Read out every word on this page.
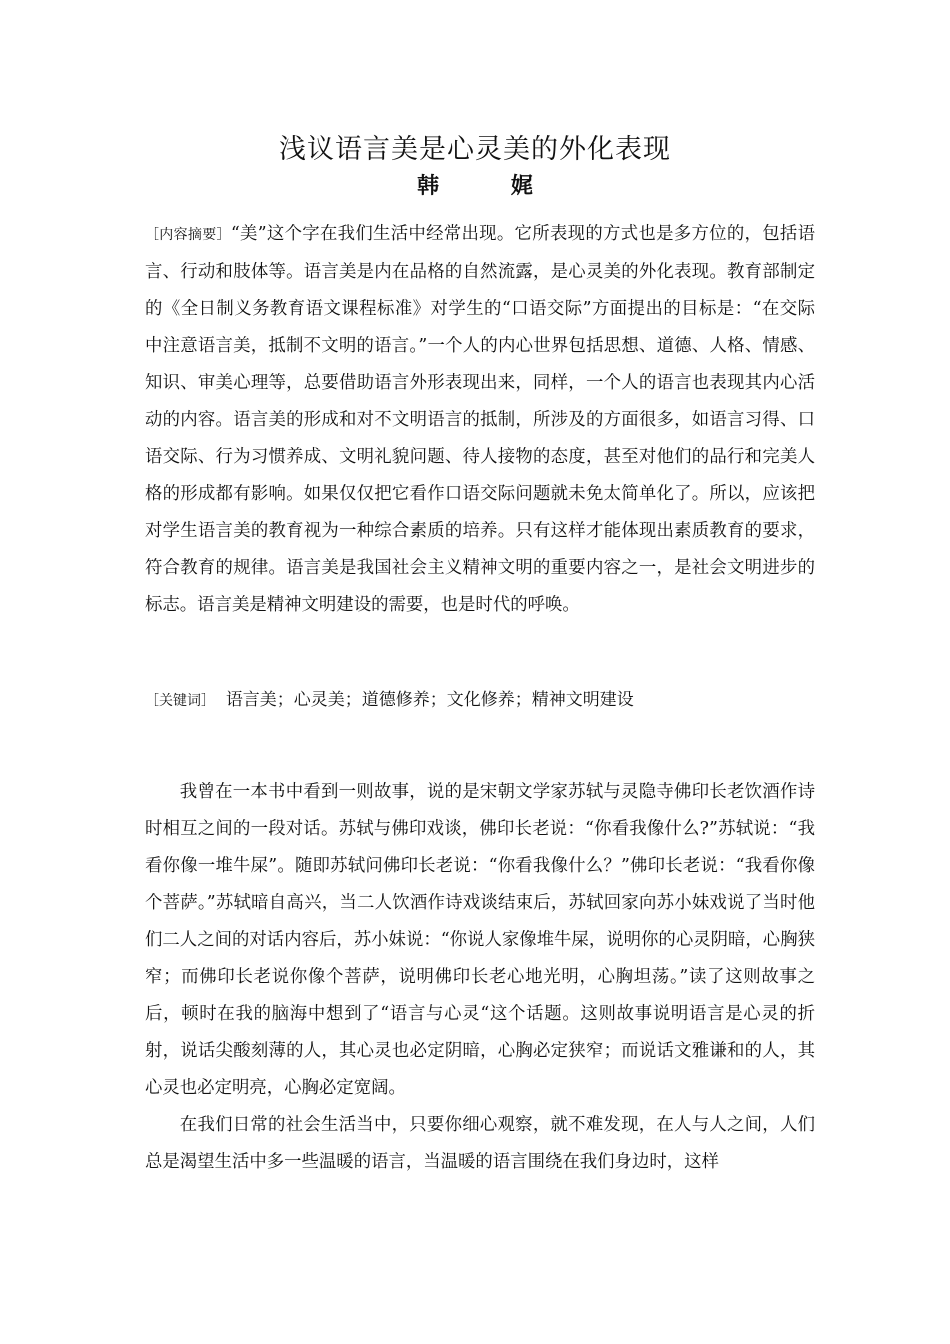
浅议语言美是心灵美的外化表现
韩 娓
［内容摘要］“美”这个字在我们生活中经常出现。它所表现的方式也是多方位的，包括语言、行动和肢体等。语言美是内在品格的自然流露，是心灵美的外化表现。教育部制定的《全日制义务教育语文课程标准》对学生的“口语交际”方面提出的目标是：“在交际中注意语言美，抵制不文明的语言。”一个人的内心世界包括思想、道德、人格、情感、知识、审美心理等，总要借助语言外形表现出来，同样，一个人的语言也表现其内心活动的内容。语言美的形成和对不文明语言的抵制，所涉及的方面很多，如语言习得、口语交际、行为习惯养成、文明礼貌问题、待人接物的态度，甚至对他们的品行和完美人格的形成都有影响。如果仅仅把它看作口语交际问题就未免太简单化了。所以，应该把对学生语言美的教育视为一种综合素质的培养。只有这样才能体现出素质教育的要求，符合教育的规律。语言美是我国社会主义精神文明的重要内容之一，是社会文明进步的标志。语言美是精神文明建设的需要，也是时代的呼唤。
［关键词］ 语言美；心灵美；道德修养；文化修养；精神文明建设

我曾在一本书中看到一则故事，说的是宋朝文学家苏轼与灵隐寺佛印长老饮酒作诗时相互之间的一段对话。苏轼与佛印戏谈，佛印长老说：“你看我像什么?”苏轼说：“我看你像一堆牛屎”。随即苏轼问佛印长老说：“你看我像什么？”佛印长老说：“我看你像个菩萨。”苏轼暗自高兴，当二人饮酒作诗戏谈结束后，苏轼回家向苏小妹戏说了当时他们二人之间的对话内容后，苏小妹说：“你说人家像堆牛屎，说明你的心灵阴暗，心胸狭窄；而佛印长老说你像个菩萨，说明佛印长老心地光明，心胸坦荡。”读了这则故事之后，顿时在我的脑海中想到了“语言与心灵“这个话题。这则故事说明语言是心灵的折射，说话尖酸刻薄的人，其心灵也必定阴暗，心胸必定狭窄；而说话文雅谦和的人，其心灵也必定明亮，心胸必定宽阔。

在我们日常的社会生活当中，只要你细心观察，就不难发现，在人与人之间，人们总是渴望生活中多一些温暖的语言，当温暖的语言围绕在我们身边时，这样
